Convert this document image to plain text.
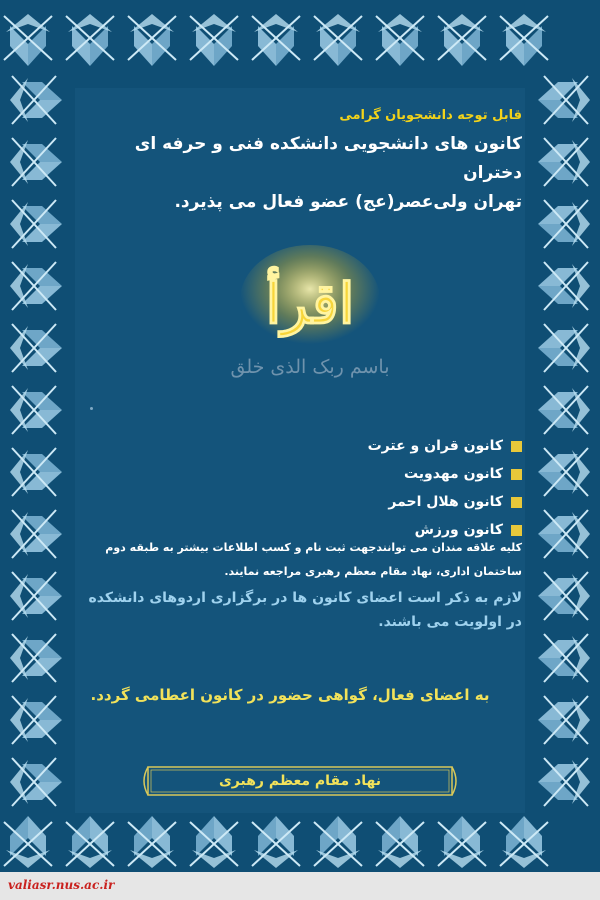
قابل توجه دانشجویان گرامی
کانون های دانشجویی دانشکده فنی و حرفه ای دختران
تهران ولی‌عصر(عج) عضو فعال می پذیرد.
اقرأ
باسم ربک الذی خلق
کانون قران و عترت
کانون مهدویت
کانون هلال احمر
کانون ورزش
کلیه علاقه مندان می توانندجهت ثبت نام و کسب اطلاعات بیشتر به طبقه دوم
ساختمان اداری، نهاد مقام معظم رهبری مراجعه نمایند.
لازم به ذکر است اعضای کانون ها در برگزاری اردوهای دانشکده
در اولویت می باشند.
به اعضای فعال، گواهی حضور در کانون اعطامی گردد.
نهاد مقام معظم رهبری
valiasr.nus.ac.ir
